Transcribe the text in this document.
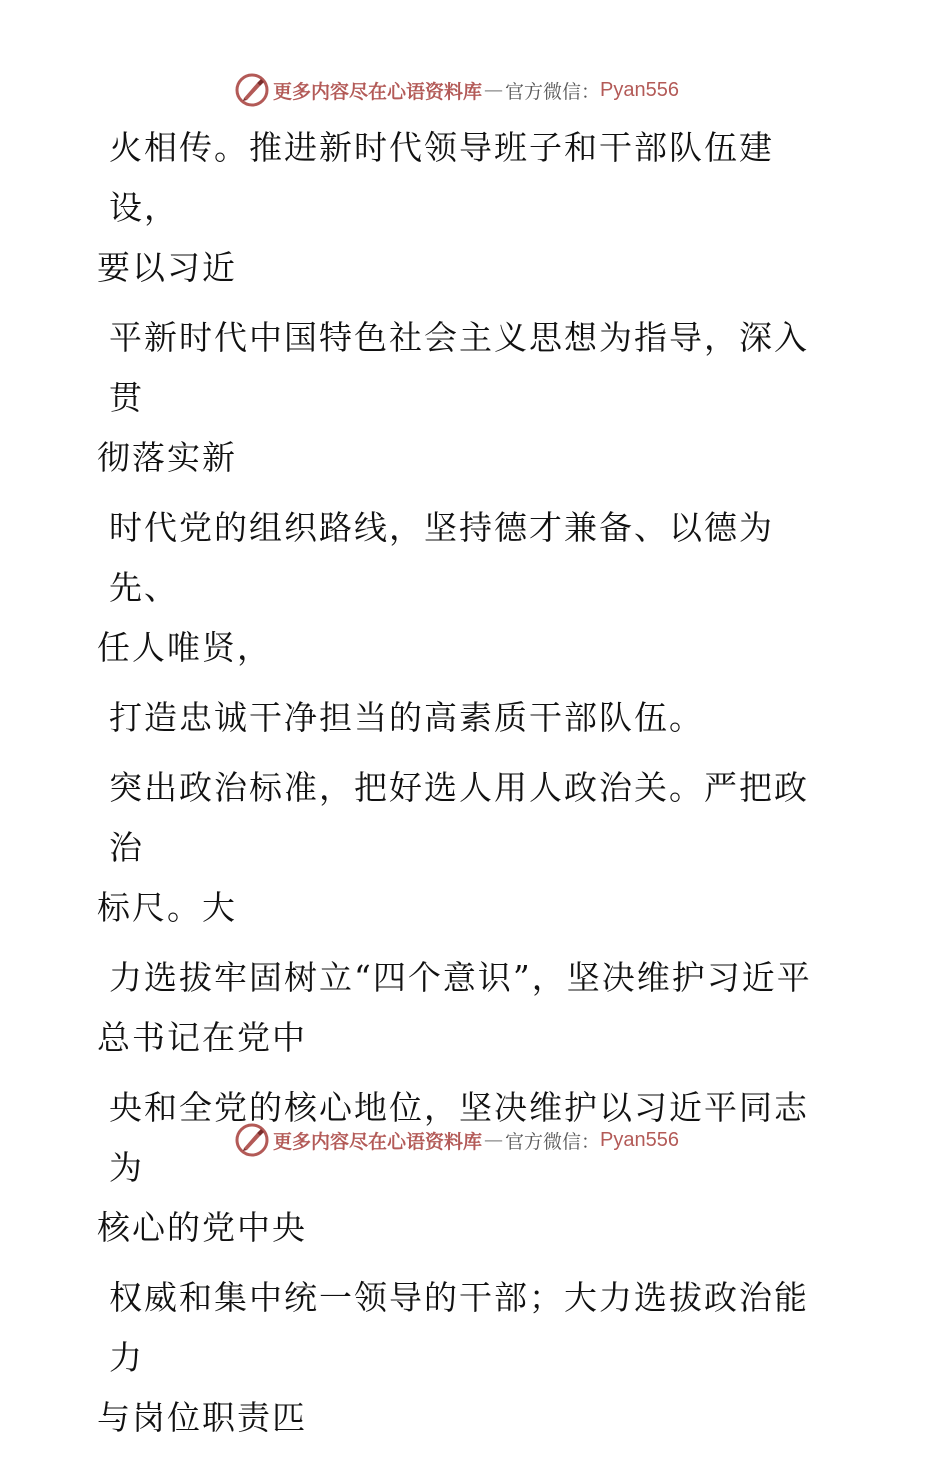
更多内容尽在心语资料库 — 官方微信： Pyan556

火相传。推进新时代领导班子和干部队伍建设，
要以习近

平新时代中国特色社会主义思想为指导，深入贯
彻落实新

时代党的组织路线，坚持德才兼备、以德为先、
任人唯贤，

打造忠诚干净担当的高素质干部队伍。

突出政治标准，把好选人用人政治关。严把政治
标尺。大

力选拔牢固树立“四个意识”，坚决维护习近平
总书记在党中

央和全党的核心地位，坚决维护以习近平同志为
核心的党中央

权威和集中统一领导的干部；大力选拔政治能力
与岗位职责匹

更多内容尽在心语资料库 — 官方微信： Pyan556
